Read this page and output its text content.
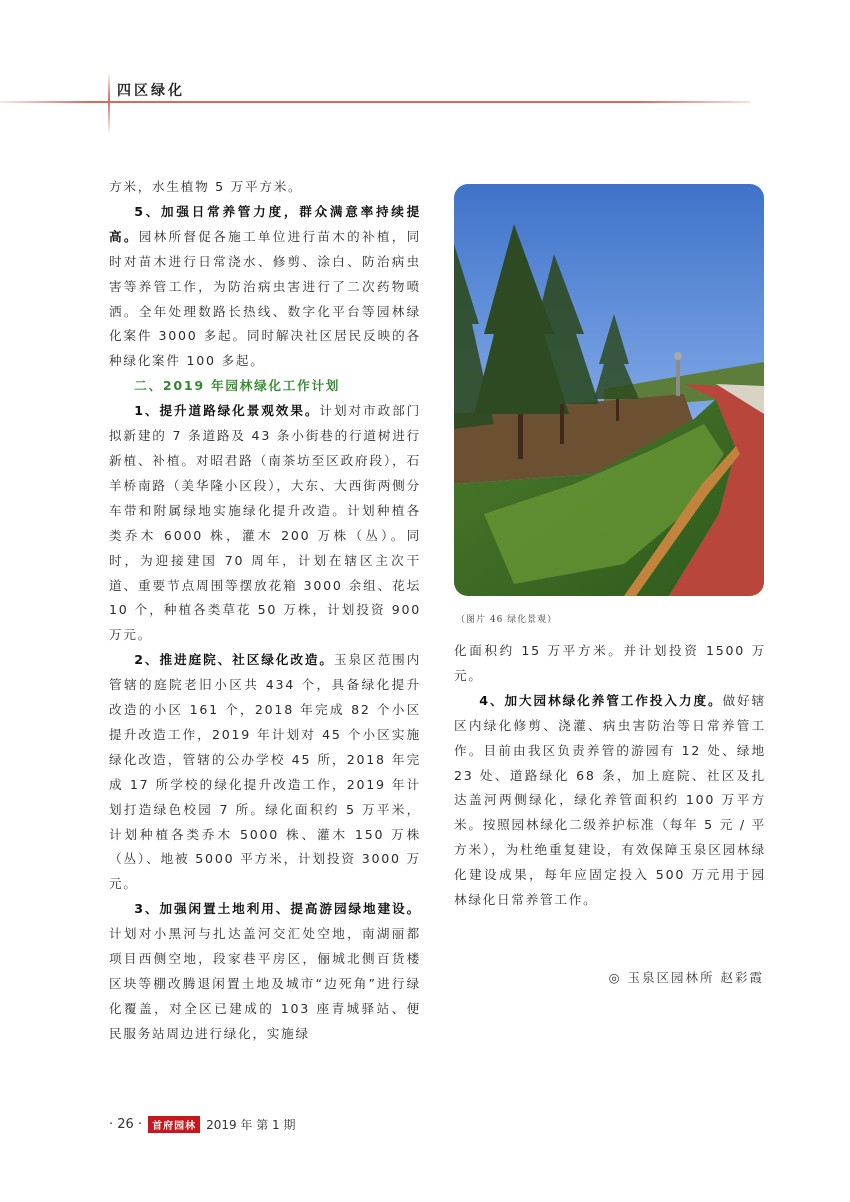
四区绿化

方米，水生植物 5 万平方米。

5、加强日常养管力度，群众满意率持续提高。园林所督促各施工单位进行苗木的补植，同时对苗木进行日常浇水、修剪、涂白、防治病虫害等养管工作，为防治病虫害进行了二次药物喷洒。全年处理数路长热线、数字化平台等园林绿化案件 3000 多起。同时解决社区居民反映的各种绿化案件 100 多起。

二、2019 年园林绿化工作计划

1、提升道路绿化景观效果。计划对市政部门拟新建的 7 条道路及 43 条小街巷的行道树进行新植、补植。对昭君路（南茶坊至区政府段），石羊桥南路（美华隆小区段），大东、大西街两侧分车带和附属绿地实施绿化提升改造。计划种植各类乔木 6000 株，灌木 200 万株（丛）。同时，为迎接建国 70 周年，计划在辖区主次干道、重要节点周围等摆放花箱 3000 余组、花坛 10 个，种植各类草花 50 万株，计划投资 900 万元。

2、推进庭院、社区绿化改造。玉泉区范围内管辖的庭院老旧小区共 434 个，具备绿化提升改造的小区 161 个，2018 年完成 82 个小区提升改造工作，2019 年计划对 45 个小区实施绿化改造，管辖的公办学校 45 所，2018 年完成 17 所学校的绿化提升改造工作，2019 年计划打造绿色校园 7 所。绿化面积约 5 万平米，计划种植各类乔木 5000 株、灌木 150 万株（丛）、地被 5000 平方米，计划投资 3000 万元。

3、加强闲置土地利用、提高游园绿地建设。计划对小黑河与扎达盖河交汇处空地，南湖丽都项目西侧空地，段家巷平房区，俪城北侧百货楼区块等棚改腾退闲置土地及城市“边死角”进行绿化覆盖，对全区已建成的 103 座青城驿站、便民服务站周边进行绿化，实施绿

化面积约 15 万平方米。并计划投资 1500 万元。

4、加大园林绿化养管工作投入力度。做好辖区内绿化修剪、浇灌、病虫害防治等日常养管工作。目前由我区负责养管的游园有 12 处、绿地 23 处、道路绿化 68 条，加上庭院、社区及扎达盖河两侧绿化，绿化养管面积约 100 万平方米。按照园林绿化二级养护标准（每年 5 元 / 平方米），为杜绝重复建设，有效保障玉泉区园林绿化建设成果，每年应固定投入 500 万元用于园林绿化日常养管工作。

（图片 46 绿化景观）
◎ 玉泉区园林所 赵彩霞
· 26 ·	首府园林 2019 年 第 1 期
